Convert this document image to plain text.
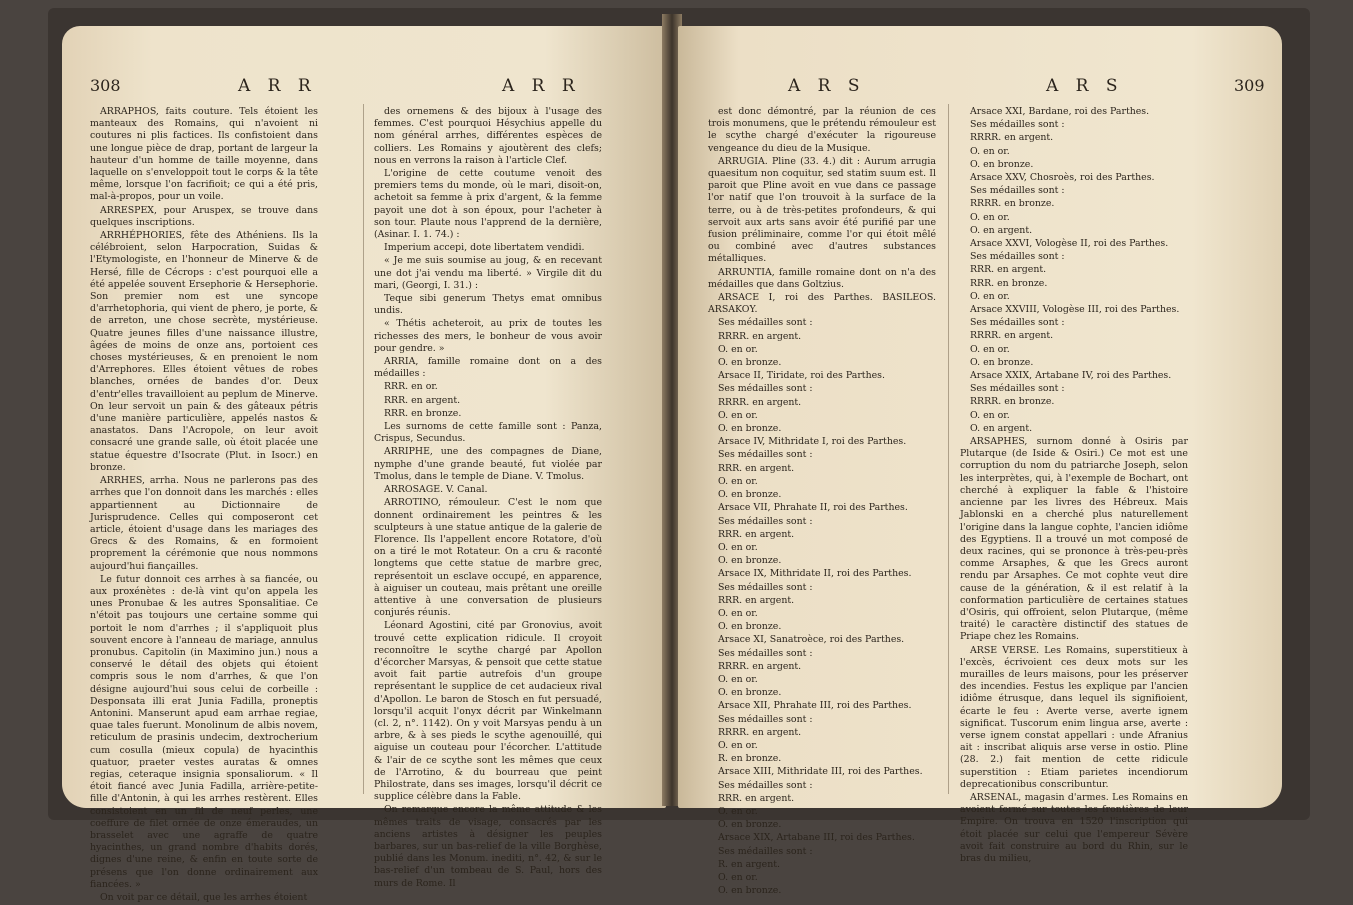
308	A R R	A R R

ARRAPHOS, faits couture. Tels étoient les manteaux des Romains, qui n'avoient ni coutures ni plis factices. Ils confistoient dans une longue pièce de drap, portant de largeur la hauteur d'un homme de taille moyenne, dans laquelle on s'enveloppoit tout le corps & la tête même, lorsque l'on facrifioit; ce qui a été pris, mal-à-propos, pour un voile.

ARRESPEX, pour Aruspex, se trouve dans quelques inscriptions.

ARRHÉPHORIES, fête des Athéniens. Ils la célébroient, selon Harpocration, Suidas & l'Etymologiste, en l'honneur de Minerve & de Hersé, fille de Cécrops : c'est pourquoi elle a été appelée souvent Ersephorie & Hersephorie. Son premier nom est une syncope d'arrhetophoria, qui vient de phero, je porte, & de arreton, une chose secrète, mystérieuse. Quatre jeunes filles d'une naissance illustre, âgées de moins de onze ans, portoient ces choses mystérieuses, & en prenoient le nom d'Arrephores. Elles étoient vêtues de robes blanches, ornées de bandes d'or. Deux d'entr'elles travailloient au peplum de Minerve. On leur servoit un pain & des gâteaux pétris d'une manière particulière, appelés nastos & anastatos. Dans l'Acropole, on leur avoit consacré une grande salle, où étoit placée une statue équestre d'Isocrate (Plut. in Isocr.) en bronze.

ARRHES, arrha. Nous ne parlerons pas des arrhes que l'on donnoit dans les marchés : elles appartiennent au Dictionnaire de Jurisprudence. Celles qui composeront cet article, étoient d'usage dans les mariages des Grecs & des Romains, & en formoient proprement la cérémonie que nous nommons aujourd'hui fiançailles.

Le futur donnoit ces arrhes à sa fiancée, ou aux proxénètes : de-là vint qu'on appela les unes Pronubae & les autres Sponsalitiae. Ce n'étoit pas toujours une certaine somme qui portoit le nom d'arrhes ; il s'appliquoit plus souvent encore à l'anneau de mariage, annulus pronubus. Capitolin (in Maximino jun.) nous a conservé le détail des objets qui étoient compris sous le nom d'arrhes, & que l'on désigne aujourd'hui sous celui de corbeille : Desponsata illi erat Junia Fadilla, proneptis Antonini. Manserunt apud eam arrhae regiae, quae tales fuerunt. Monolinum de albis novem, reticulum de prasinis undecim, dextrocherium cum cosulla (mieux copula) de hyacinthis quatuor, praeter vestes auratas & omnes regias, ceteraque insignia sponsaliorum. « Il étoit fiancé avec Junia Fadilla, arrière-petite-fille d'Antonin, à qui les arrhes restèrent. Elles consistoient en un fil de neuf perles, une coeffure de filet ornée de onze émeraudes, un brasselet avec une agraffe de quatre hyacinthes, un grand nombre d'habits dorés, dignes d'une reine, & enfin en toute sorte de présens que l'on donne ordinairement aux fiancées. »

On voit par ce détail, que les arrhes étoient

des ornemens & des bijoux à l'usage des femmes. C'est pourquoi Hésychius appelle du nom général arrhes, différentes espèces de colliers. Les Romains y ajoutèrent des clefs; nous en verrons la raison à l'article Clef.

L'origine de cette coutume venoit des premiers tems du monde, où le mari, disoit-on, achetoit sa femme à prix d'argent, & la femme payoit une dot à son époux, pour l'acheter à son tour. Plaute nous l'apprend de la dernière, (Asinar. I. 1. 74.) :

Imperium accepi, dote libertatem vendidi.

« Je me suis soumise au joug, & en recevant une dot j'ai vendu ma liberté. » Virgile dit du mari, (Georgi, I. 31.) :

Teque sibi generum Thetys emat omnibus undis.

« Thétis acheteroit, au prix de toutes les richesses des mers, le bonheur de vous avoir pour gendre. »

ARRIA, famille romaine dont on a des médailles :

RRR. en or.

RRR. en argent.

RRR. en bronze.

Les surnoms de cette famille sont : Panza, Crispus, Secundus.

ARRIPHE, une des compagnes de Diane, nymphe d'une grande beauté, fut violée par Tmolus, dans le temple de Diane. V. Tmolus.

ARROSAGE. V. Canal.

ARROTINO, rémouleur. C'est le nom que donnent ordinairement les peintres & les sculpteurs à une statue antique de la galerie de Florence. Ils l'appellent encore Rotatore, d'où on a tiré le mot Rotateur. On a cru & raconté longtems que cette statue de marbre grec, représentoit un esclave occupé, en apparence, à aiguiser un couteau, mais prêtant une oreille attentive à une conversation de plusieurs conjurés réunis.

Léonard Agostini, cité par Gronovius, avoit trouvé cette explication ridicule. Il croyoit reconnoître le scythe chargé par Apollon d'écorcher Marsyas, & pensoit que cette statue avoit fait partie autrefois d'un groupe représentant le supplice de cet audacieux rival d'Apollon. Le baron de Stosch en fut persuadé, lorsqu'il acquit l'onyx décrit par Winkelmann (cl. 2, n°. 1142). On y voit Marsyas pendu à un arbre, & à ses pieds le scythe agenouillé, qui aiguise un couteau pour l'écorcher. L'attitude & l'air de ce scythe sont les mêmes que ceux de l'Arrotino, & du bourreau que peint Philostrate, dans ses images, lorsqu'il décrit ce supplice célèbre dans la Fable.

On remarque encore la même attitude & les mêmes traits de visage, consacrés par les anciens artistes à désigner les peuples barbares, sur un bas-relief de la ville Borghèse, publié dans les Monum. inediti, n°. 42, & sur le bas-relief d'un tombeau de S. Paul, hors des murs de Rome. Il

A R S	A R S	309

est donc démontré, par la réunion de ces trois monumens, que le prétendu rémouleur est le scythe chargé d'exécuter la rigoureuse vengeance du dieu de la Musique.

ARRUGIA. Pline (33. 4.) dit : Aurum arrugia quaesitum non coquitur, sed statim suum est. Il paroit que Pline avoit en vue dans ce passage l'or natif que l'on trouvoit à la surface de la terre, ou à de très-petites profondeurs, & qui servoit aux arts sans avoir été purifié par une fusion préliminaire, comme l'or qui étoit mêlé ou combiné avec d'autres substances métalliques.

ARRUNTIA, famille romaine dont on n'a des médailles que dans Goltzius.

ARSACE I, roi des Parthes. BASILEOS. ARSAKOY.

Ses médailles sont :

RRRR. en argent.

O. en or.

O. en bronze.

Arsace II, Tiridate, roi des Parthes.

Ses médailles sont :

RRRR. en argent.

O. en or.

O. en bronze.

Arsace IV, Mithridate I, roi des Parthes.

Ses médailles sont :

RRR. en argent.

O. en or.

O. en bronze.

Arsace VII, Phrahate II, roi des Parthes.

Ses médailles sont :

RRR. en argent.

O. en or.

O. en bronze.

Arsace IX, Mithridate II, roi des Parthes.

Ses médailles sont :

RRR. en argent.

O. en or.

O. en bronze.

Arsace XI, Sanatroèce, roi des Parthes.

Ses médailles sont :

RRRR. en argent.

O. en or.

O. en bronze.

Arsace XII, Phrahate III, roi des Parthes.

Ses médailles sont :

RRRR. en argent.

O. en or.

R. en bronze.

Arsace XIII, Mithridate III, roi des Parthes.

Ses médailles sont :

RRR. en argent.

O. en or.

O. en bronze.

Arsace XIX, Artabane III, roi des Parthes.

Ses médailles sont :

R. en argent.

O. en or.

O. en bronze.

Arsace XXI, Bardane, roi des Parthes.

Ses médailles sont :

RRRR. en argent.

O. en or.

O. en bronze.

Arsace XXV, Chosroès, roi des Parthes.

Ses médailles sont :

RRRR. en bronze.

O. en or.

O. en argent.

Arsace XXVI, Vologèse II, roi des Parthes.

Ses médailles sont :

RRR. en argent.

RRR. en bronze.

O. en or.

Arsace XXVIII, Vologèse III, roi des Parthes.

Ses médailles sont :

RRRR. en argent.

O. en or.

O. en bronze.

Arsace XXIX, Artabane IV, roi des Parthes.

Ses médailles sont :

RRRR. en bronze.

O. en or.

O. en argent.

ARSAPHES, surnom donné à Osiris par Plutarque (de Iside & Osiri.) Ce mot est une corruption du nom du patriarche Joseph, selon les interprètes, qui, à l'exemple de Bochart, ont cherché à expliquer la fable & l'histoire ancienne par les livres des Hébreux. Mais Jablonski en a cherché plus naturellement l'origine dans la langue cophte, l'ancien idiôme des Egyptiens. Il a trouvé un mot composé de deux racines, qui se prononce à très-peu-près comme Arsaphes, & que les Grecs auront rendu par Arsaphes. Ce mot cophte veut dire cause de la génération, & il est relatif à la conformation particulière de certaines statues d'Osiris, qui offroient, selon Plutarque, (même traité) le caractère distinctif des statues de Priape chez les Romains.

ARSE VERSE. Les Romains, superstitieux à l'excès, écrivoient ces deux mots sur les murailles de leurs maisons, pour les préserver des incendies. Festus les explique par l'ancien idiôme étrusque, dans lequel ils signifioient, écarte le feu : Averte verse, averte ignem significat. Tuscorum enim lingua arse, averte : verse ignem constat appellari : unde Afranius ait : inscribat aliquis arse verse in ostio. Pline (28. 2.) fait mention de cette ridicule superstition : Etiam parietes incendiorum deprecationibus conscribuntur.

ARSENAL, magasin d'armes. Les Romains en avoient formé sur toutes les frontières de leur Empire. On trouva en 1520 l'inscription qui étoit placée sur celui que l'empereur Sévère avoit fait construire au bord du Rhin, sur le bras du milieu,
